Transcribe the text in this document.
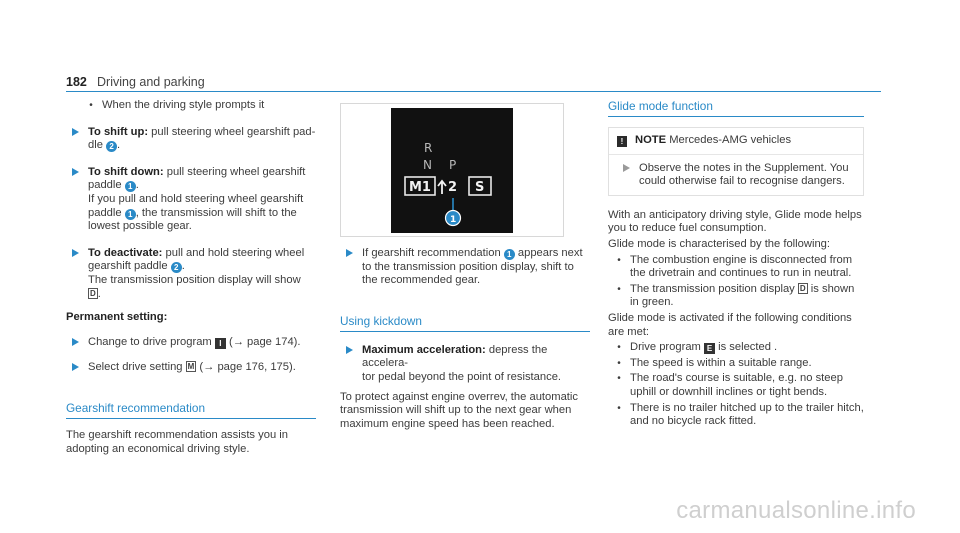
182 Driving and parking
• When the driving style prompts it
To shift up: pull steering wheel gearshift pad-
dle 2 .
To shift down: pull steering wheel gearshift
paddle 1 .
If you pull and hold steering wheel gearshift
paddle 1 , the transmission will shift to the
lowest possible gear.
To deactivate: pull and hold steering wheel
gearshift paddle 2 .
The transmission position display will show
D .
Permanent setting:
Change to drive program I (→ page 174).
Select drive setting M (→ page 176, 175).
Gearshift recommendation
The gearshift recommendation assists you in adopting an economical driving style.
R
N P
M1 2 S
1
If gearshift recommendation 1 appears next
to the transmission position display, shift to
the recommended gear.
Using kickdown
Maximum acceleration: depress the accelera-
tor pedal beyond the point of resistance.
To protect against engine overrev, the automatic transmission will shift up to the next gear when maximum engine speed has been reached.
Glide mode function
! NOTE Mercedes-AMG vehicles
Observe the notes in the Supplement. You could otherwise fail to recognise dangers.
With an anticipatory driving style, Glide mode helps you to reduce fuel consumption.
Glide mode is characterised by the following:
• The combustion engine is disconnected from the drivetrain and continues to run in neutral.
• The transmission position display D is shown in green.
Glide mode is activated if the following conditions are met:
• Drive program E is selected .
• The speed is within a suitable range.
• The road's course is suitable, e.g. no steep uphill or downhill inclines or tight bends.
• There is no trailer hitched up to the trailer hitch, and no bicycle rack fitted.
carmanualsonline.info
